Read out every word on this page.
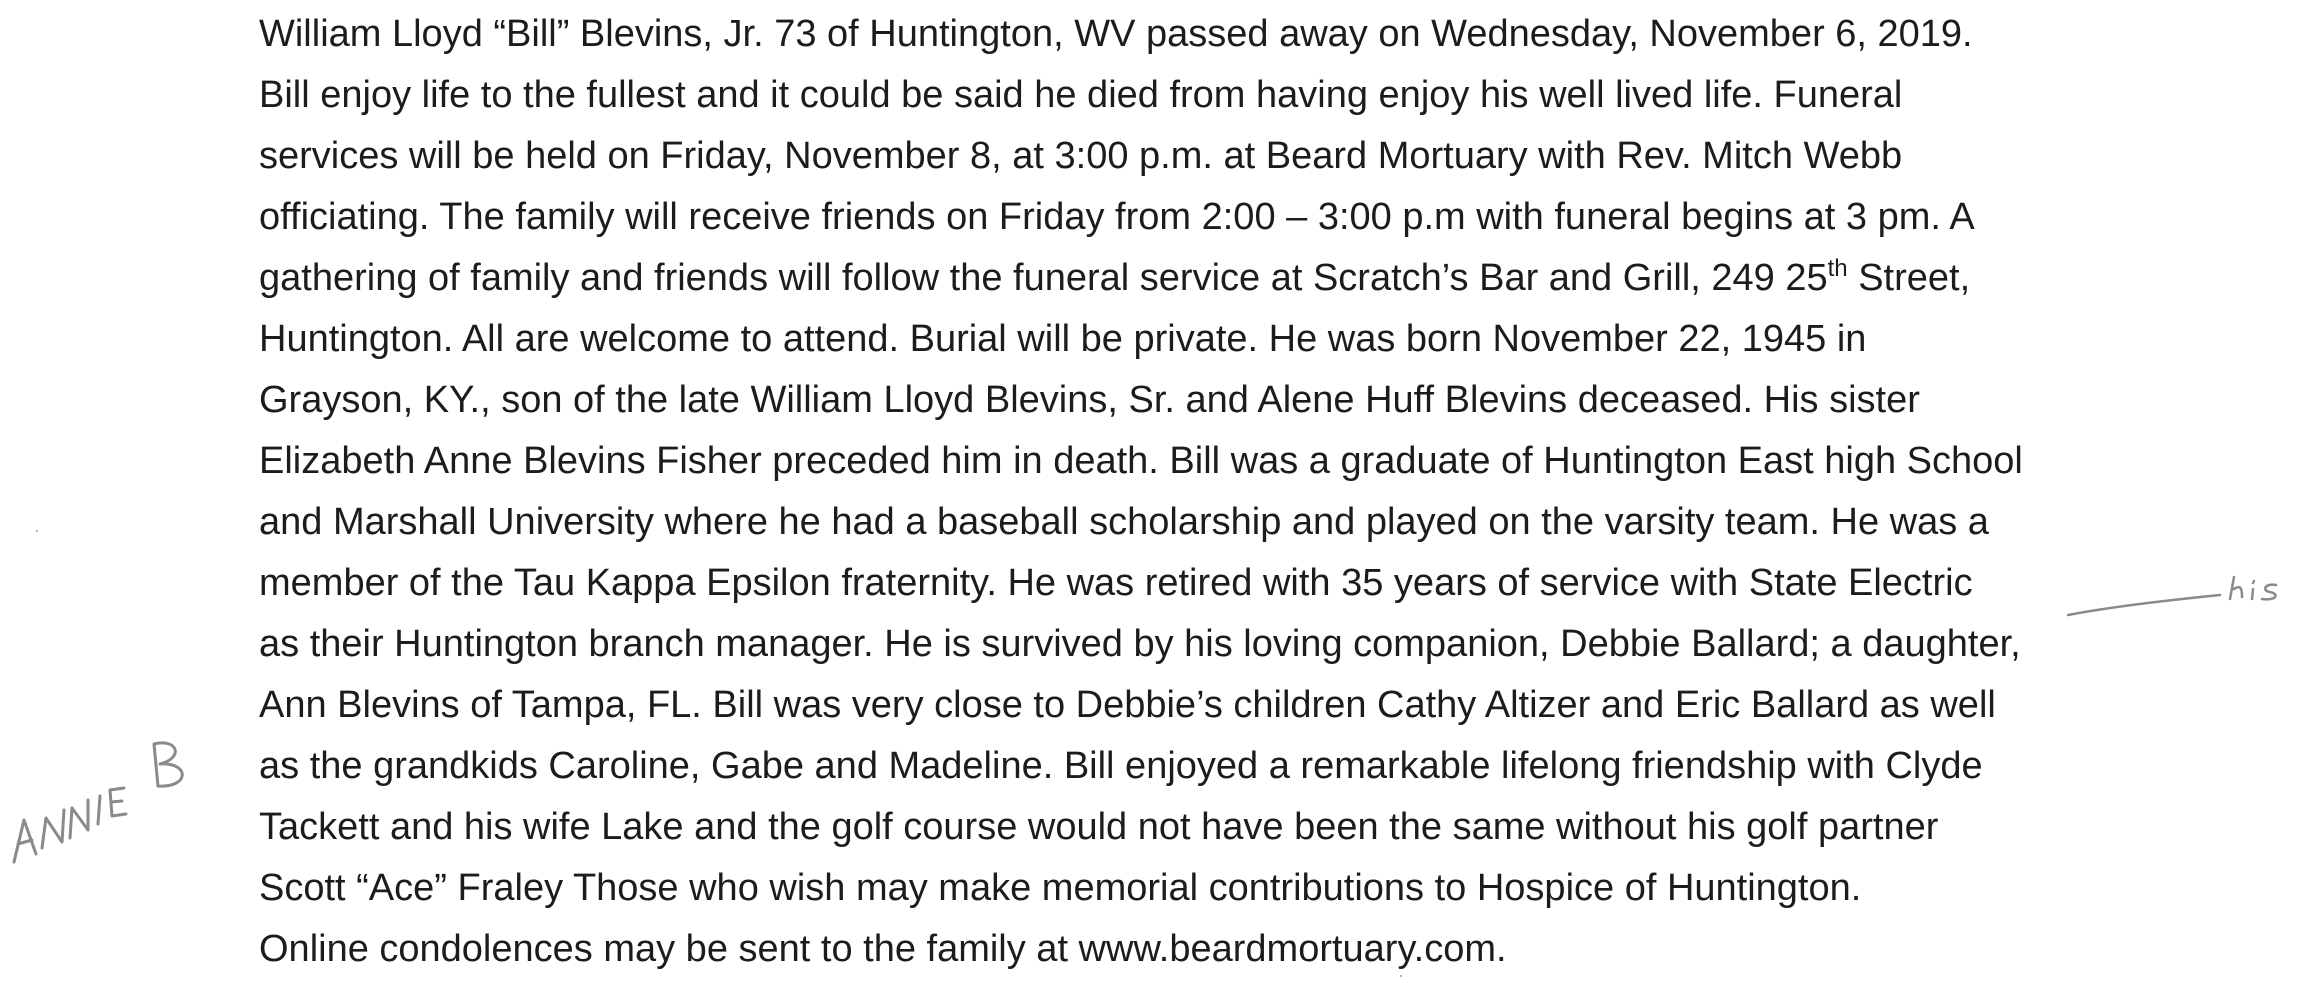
William Lloyd “Bill” Blevins, Jr. 73 of Huntington, WV passed away on Wednesday, November 6, 2019.
Bill enjoy life to the fullest and it could be said he died from having enjoy his well lived life. Funeral
services will be held on Friday, November 8, at 3:00 p.m. at Beard Mortuary with Rev. Mitch Webb
officiating. The family will receive friends on Friday from 2:00 – 3:00 p.m with funeral begins at 3 pm. A
gathering of family and friends will follow the funeral service at Scratch’s Bar and Grill, 249 25th Street,
Huntington. All are welcome to attend. Burial will be private. He was born November 22, 1945 in
Grayson, KY., son of the late William Lloyd Blevins, Sr. and Alene Huff Blevins deceased. His sister
Elizabeth Anne Blevins Fisher preceded him in death. Bill was a graduate of Huntington East high School
and Marshall University where he had a baseball scholarship and played on the varsity team. He was a
member of the Tau Kappa Epsilon fraternity. He was retired with 35 years of service with State Electric
as their Huntington branch manager. He is survived by his loving companion, Debbie Ballard; a daughter,
Ann Blevins of Tampa, FL. Bill was very close to Debbie’s children Cathy Altizer and Eric Ballard as well
as the grandkids Caroline, Gabe and Madeline. Bill enjoyed a remarkable lifelong friendship with Clyde
Tackett and his wife Lake and the golf course would not have been the same without his golf partner
Scott “Ace” Fraley Those who wish may make memorial contributions to Hospice of Huntington.
Online condolences may be sent to the family at www.beardmortuary.com.
